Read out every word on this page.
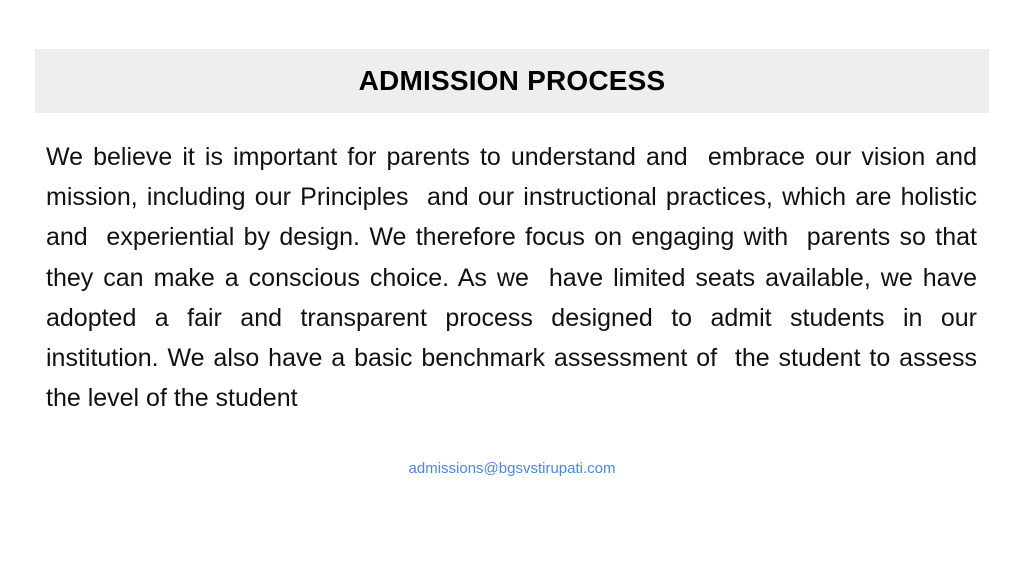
ADMISSION PROCESS

We believe it is important for parents to understand and  embrace our vision and mission, including our Principles  and our instructional practices, which are holistic and  experiential by design. We therefore focus on engaging with  parents so that they can make a conscious choice. As we  have limited seats available, we have adopted a fair and transparent process designed to admit students in our  institution. We also have a basic benchmark assessment of  the student to assess the level of the student

admissions@bgsvstirupati.com
